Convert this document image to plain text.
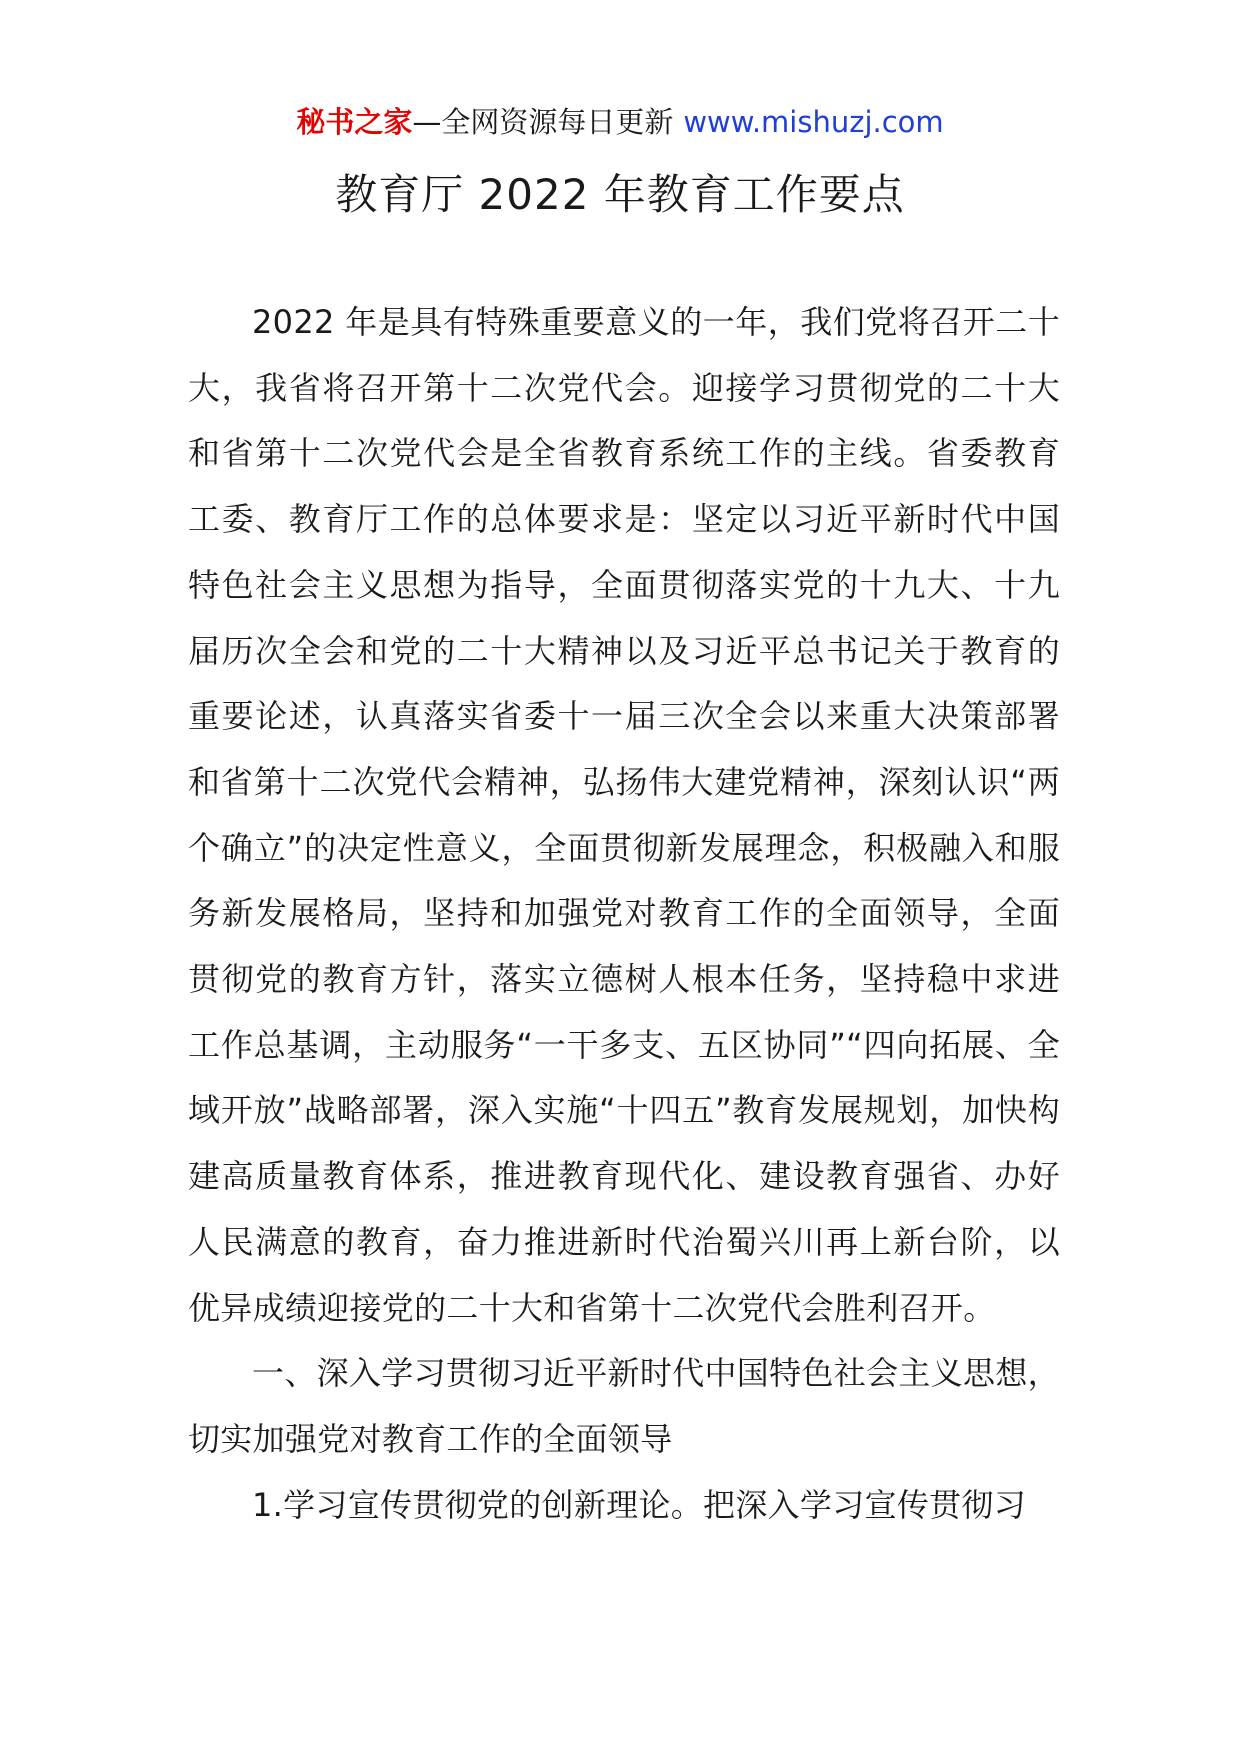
秘书之家—全网资源每日更新 www.mishuzj.com
教育厅 2022 年教育工作要点

2022 年是具有特殊重要意义的一年，我们党将召开二十大，我省将召开第十二次党代会。迎接学习贯彻党的二十大和省第十二次党代会是全省教育系统工作的主线。省委教育工委、教育厅工作的总体要求是：坚定以习近平新时代中国特色社会主义思想为指导，全面贯彻落实党的十九大、十九届历次全会和党的二十大精神以及习近平总书记关于教育的重要论述，认真落实省委十一届三次全会以来重大决策部署和省第十二次党代会精神，弘扬伟大建党精神，深刻认识“两个确立”的决定性意义，全面贯彻新发展理念，积极融入和服务新发展格局，坚持和加强党对教育工作的全面领导，全面贯彻党的教育方针，落实立德树人根本任务，坚持稳中求进工作总基调，主动服务“一干多支、五区协同”“四向拓展、全域开放”战略部署，深入实施“十四五”教育发展规划，加快构建高质量教育体系，推进教育现代化、建设教育强省、办好人民满意的教育，奋力推进新时代治蜀兴川再上新台阶，以优异成绩迎接党的二十大和省第十二次党代会胜利召开。

一、深入学习贯彻习近平新时代中国特色社会主义思想，切实加强党对教育工作的全面领导

1.学习宣传贯彻党的创新理论。把深入学习宣传贯彻习
